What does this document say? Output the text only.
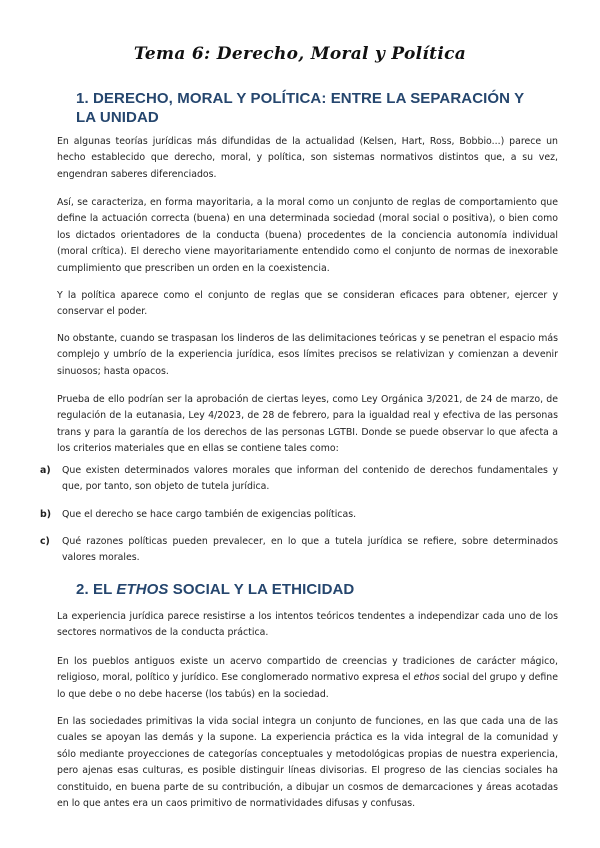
Tema 6: Derecho, Moral y Política
1. DERECHO, MORAL Y POLÍTICA: ENTRE LA SEPARACIÓN Y LA UNIDAD

En algunas teorías jurídicas más difundidas de la actualidad (Kelsen, Hart, Ross, Bobbio...) parece un hecho establecido que derecho, moral, y política, son sistemas normativos distintos que, a su vez, engendran saberes diferenciados.

Así, se caracteriza, en forma mayoritaria, a la moral como un conjunto de reglas de comportamiento que define la actuación correcta (buena) en una determinada sociedad (moral social o positiva), o bien como los dictados orientadores de la conducta (buena) procedentes de la conciencia autonomía individual (moral crítica). El derecho viene mayoritariamente entendido como el conjunto de normas de inexorable cumplimiento que prescriben un orden en la coexistencia.

Y la política aparece como el conjunto de reglas que se consideran eficaces para obtener, ejercer y conservar el poder.

No obstante, cuando se traspasan los linderos de las delimitaciones teóricas y se penetran el espacio más complejo y umbrío de la experiencia jurídica, esos límites precisos se relativizan y comienzan a devenir sinuosos; hasta opacos.

Prueba de ello podrían ser la aprobación de ciertas leyes, como Ley Orgánica 3/2021, de 24 de marzo, de regulación de la eutanasia, Ley 4/2023, de 28 de febrero, para la igualdad real y efectiva de las personas trans y para la garantía de los derechos de las personas LGTBI. Donde se puede observar lo que afecta a los criterios materiales que en ellas se contiene tales como:

a)	Que existen determinados valores morales que informan del contenido de derechos fundamentales y que, por tanto, son objeto de tutela jurídica.
b)	Que el derecho se hace cargo también de exigencias políticas.
c)	Qué razones políticas pueden prevalecer, en lo que a tutela jurídica se refiere, sobre determinados valores morales.
2. EL ETHOS SOCIAL Y LA ETHICIDAD

La experiencia jurídica parece resistirse a los intentos teóricos tendentes a independizar cada uno de los sectores normativos de la conducta práctica.

En los pueblos antiguos existe un acervo compartido de creencias y tradiciones de carácter mágico, religioso, moral, político y jurídico. Ese conglomerado normativo expresa el ethos social del grupo y define lo que debe o no debe hacerse (los tabús) en la sociedad.

En las sociedades primitivas la vida social integra un conjunto de funciones, en las que cada una de las cuales se apoyan las demás y la supone. La experiencia práctica es la vida integral de la comunidad y sólo mediante proyecciones de categorías conceptuales y metodológicas propias de nuestra experiencia, pero ajenas esas culturas, es posible distinguir líneas divisorias. El progreso de las ciencias sociales ha constituido, en buena parte de su contribución, a dibujar un cosmos de demarcaciones y áreas acotadas en lo que antes era un caos primitivo de normatividades difusas y confusas.
